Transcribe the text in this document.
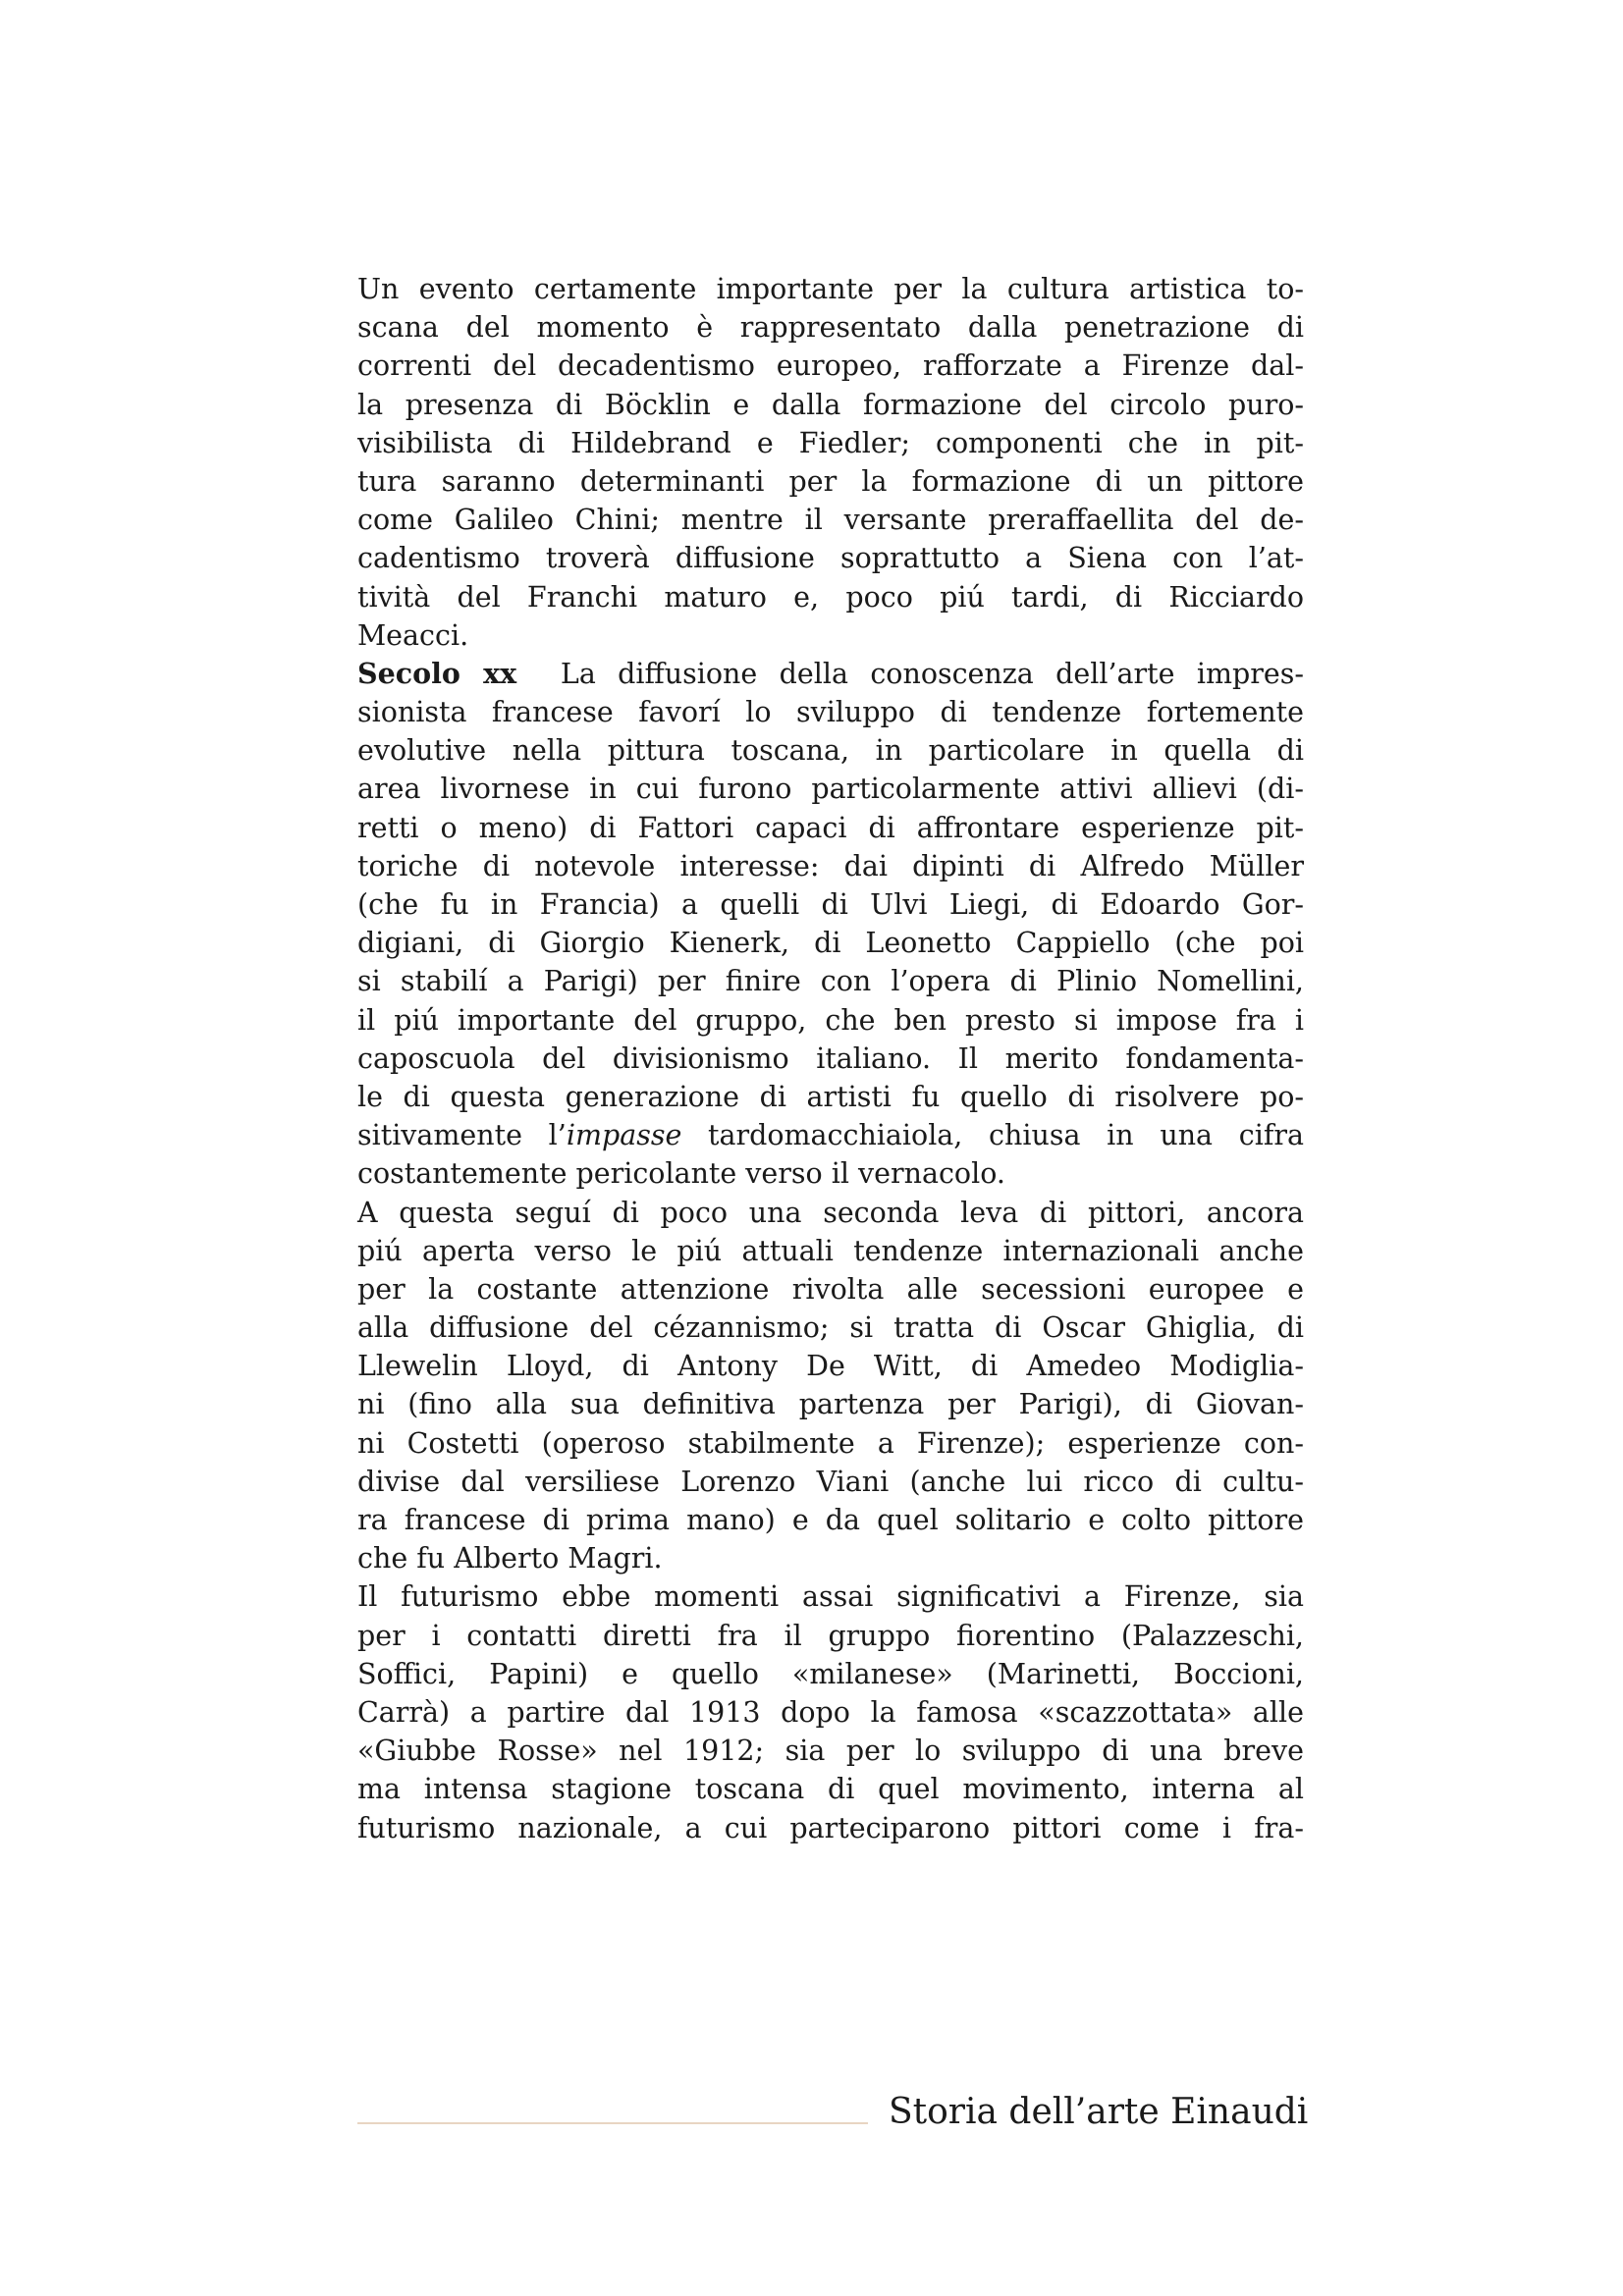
Un evento certamente importante per la cultura artistica to-
scana del momento è rappresentato dalla penetrazione di
correnti del decadentismo europeo, rafforzate a Firenze dal-
la presenza di Böcklin e dalla formazione del circolo puro-
visibilista di Hildebrand e Fiedler; componenti che in pit-
tura saranno determinanti per la formazione di un pittore
come Galileo Chini; mentre il versante preraffaellita del de-
cadentismo troverà diffusione soprattutto a Siena con l’at-
tività del Franchi maturo e, poco piú tardi, di Ricciardo
Meacci.
Secolo xx La diffusione della conoscenza dell’arte impres-
sionista francese favorí lo sviluppo di tendenze fortemente
evolutive nella pittura toscana, in particolare in quella di
area livornese in cui furono particolarmente attivi allievi (di-
retti o meno) di Fattori capaci di affrontare esperienze pit-
toriche di notevole interesse: dai dipinti di Alfredo Müller
(che fu in Francia) a quelli di Ulvi Liegi, di Edoardo Gor-
digiani, di Giorgio Kienerk, di Leonetto Cappiello (che poi
si stabilí a Parigi) per finire con l’opera di Plinio Nomellini,
il piú importante del gruppo, che ben presto si impose fra i
caposcuola del divisionismo italiano. Il merito fondamenta-
le di questa generazione di artisti fu quello di risolvere po-
sitivamente l’impasse tardomacchiaiola, chiusa in una cifra
costantemente pericolante verso il vernacolo.
A questa seguí di poco una seconda leva di pittori, ancora
piú aperta verso le piú attuali tendenze internazionali anche
per la costante attenzione rivolta alle secessioni europee e
alla diffusione del cézannismo; si tratta di Oscar Ghiglia, di
Llewelin Lloyd, di Antony De Witt, di Amedeo Modiglia-
ni (fino alla sua definitiva partenza per Parigi), di Giovan-
ni Costetti (operoso stabilmente a Firenze); esperienze con-
divise dal versiliese Lorenzo Viani (anche lui ricco di cultu-
ra francese di prima mano) e da quel solitario e colto pittore
che fu Alberto Magri.
Il futurismo ebbe momenti assai significativi a Firenze, sia
per i contatti diretti fra il gruppo fiorentino (Palazzeschi,
Soffici, Papini) e quello «milanese» (Marinetti, Boccioni,
Carrà) a partire dal 1913 dopo la famosa «scazzottata» alle
«Giubbe Rosse» nel 1912; sia per lo sviluppo di una breve
ma intensa stagione toscana di quel movimento, interna al
futurismo nazionale, a cui parteciparono pittori come i fra-
Storia dell’arte Einaudi
